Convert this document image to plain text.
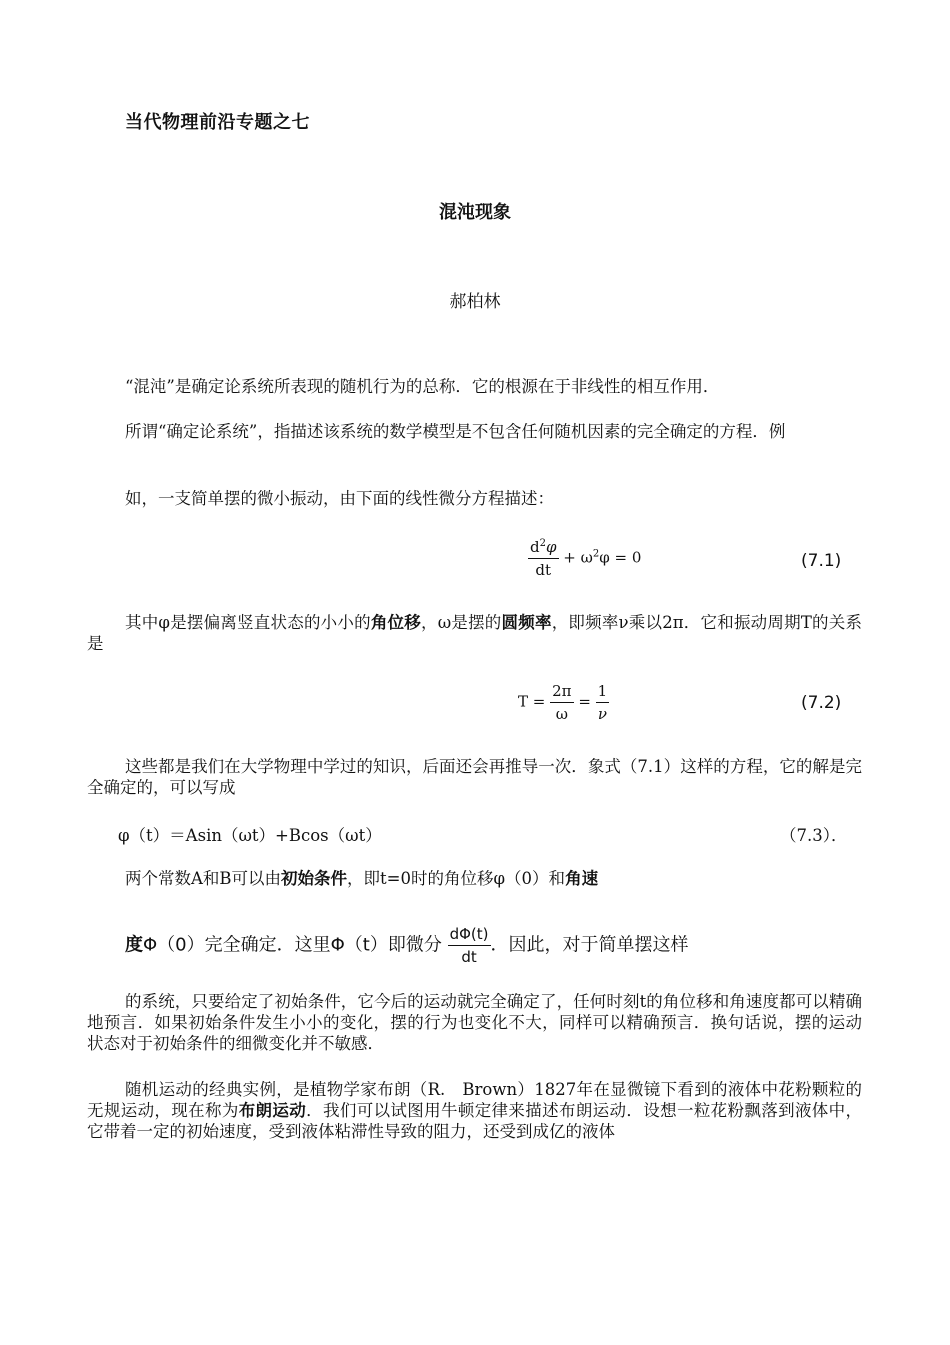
当代物理前沿专题之七
混沌现象
郝柏林
“混沌”是确定论系统所表现的随机行为的总称．它的根源在于非线性的相互作用．
所谓“确定论系统”，指描述该系统的数学模型是不包含任何随机因素的完全确定的方程．例
如，一支简单摆的微小振动，由下面的线性微分方程描述：
$\frac{d^2\varphi}{dt} + \omega^2\varphi = 0$	(7.1)
其中φ是摆偏离竖直状态的小小的角位移，ω是摆的圆频率，即频率ν乘以2π．它和振动周期T的关系是
$T = \frac{2\pi}{\omega} = \frac{1}{\nu}$	(7.2)
这些都是我们在大学物理中学过的知识，后面还会再推导一次．象式（7.1）这样的方程，它的解是完全确定的，可以写成
φ（t）＝Asin（ωt）+Bcos（ωt）	（7.3）．
两个常数A和B可以由初始条件，即t=0时的角位移φ（0）和角速
度Φ（0）完全确定．这里Φ（t）即微分 $\frac{d\Phi(t)}{dt}$ ．因此，对于简单摆这样
的系统，只要给定了初始条件，它今后的运动就完全确定了，任何时刻t的角位移和角速度都可以精确地预言．如果初始条件发生小小的变化，摆的行为也变化不大，同样可以精确预言．换句话说，摆的运动状态对于初始条件的细微变化并不敏感．
随机运动的经典实例，是植物学家布朗（R.　Brown）1827年在显微镜下看到的液体中花粉颗粒的无规运动，现在称为布朗运动．我们可以试图用牛顿定律来描述布朗运动．设想一粒花粉飘落到液体中，它带着一定的初始速度，受到液体粘滞性导致的阻力，还受到成亿的液体
